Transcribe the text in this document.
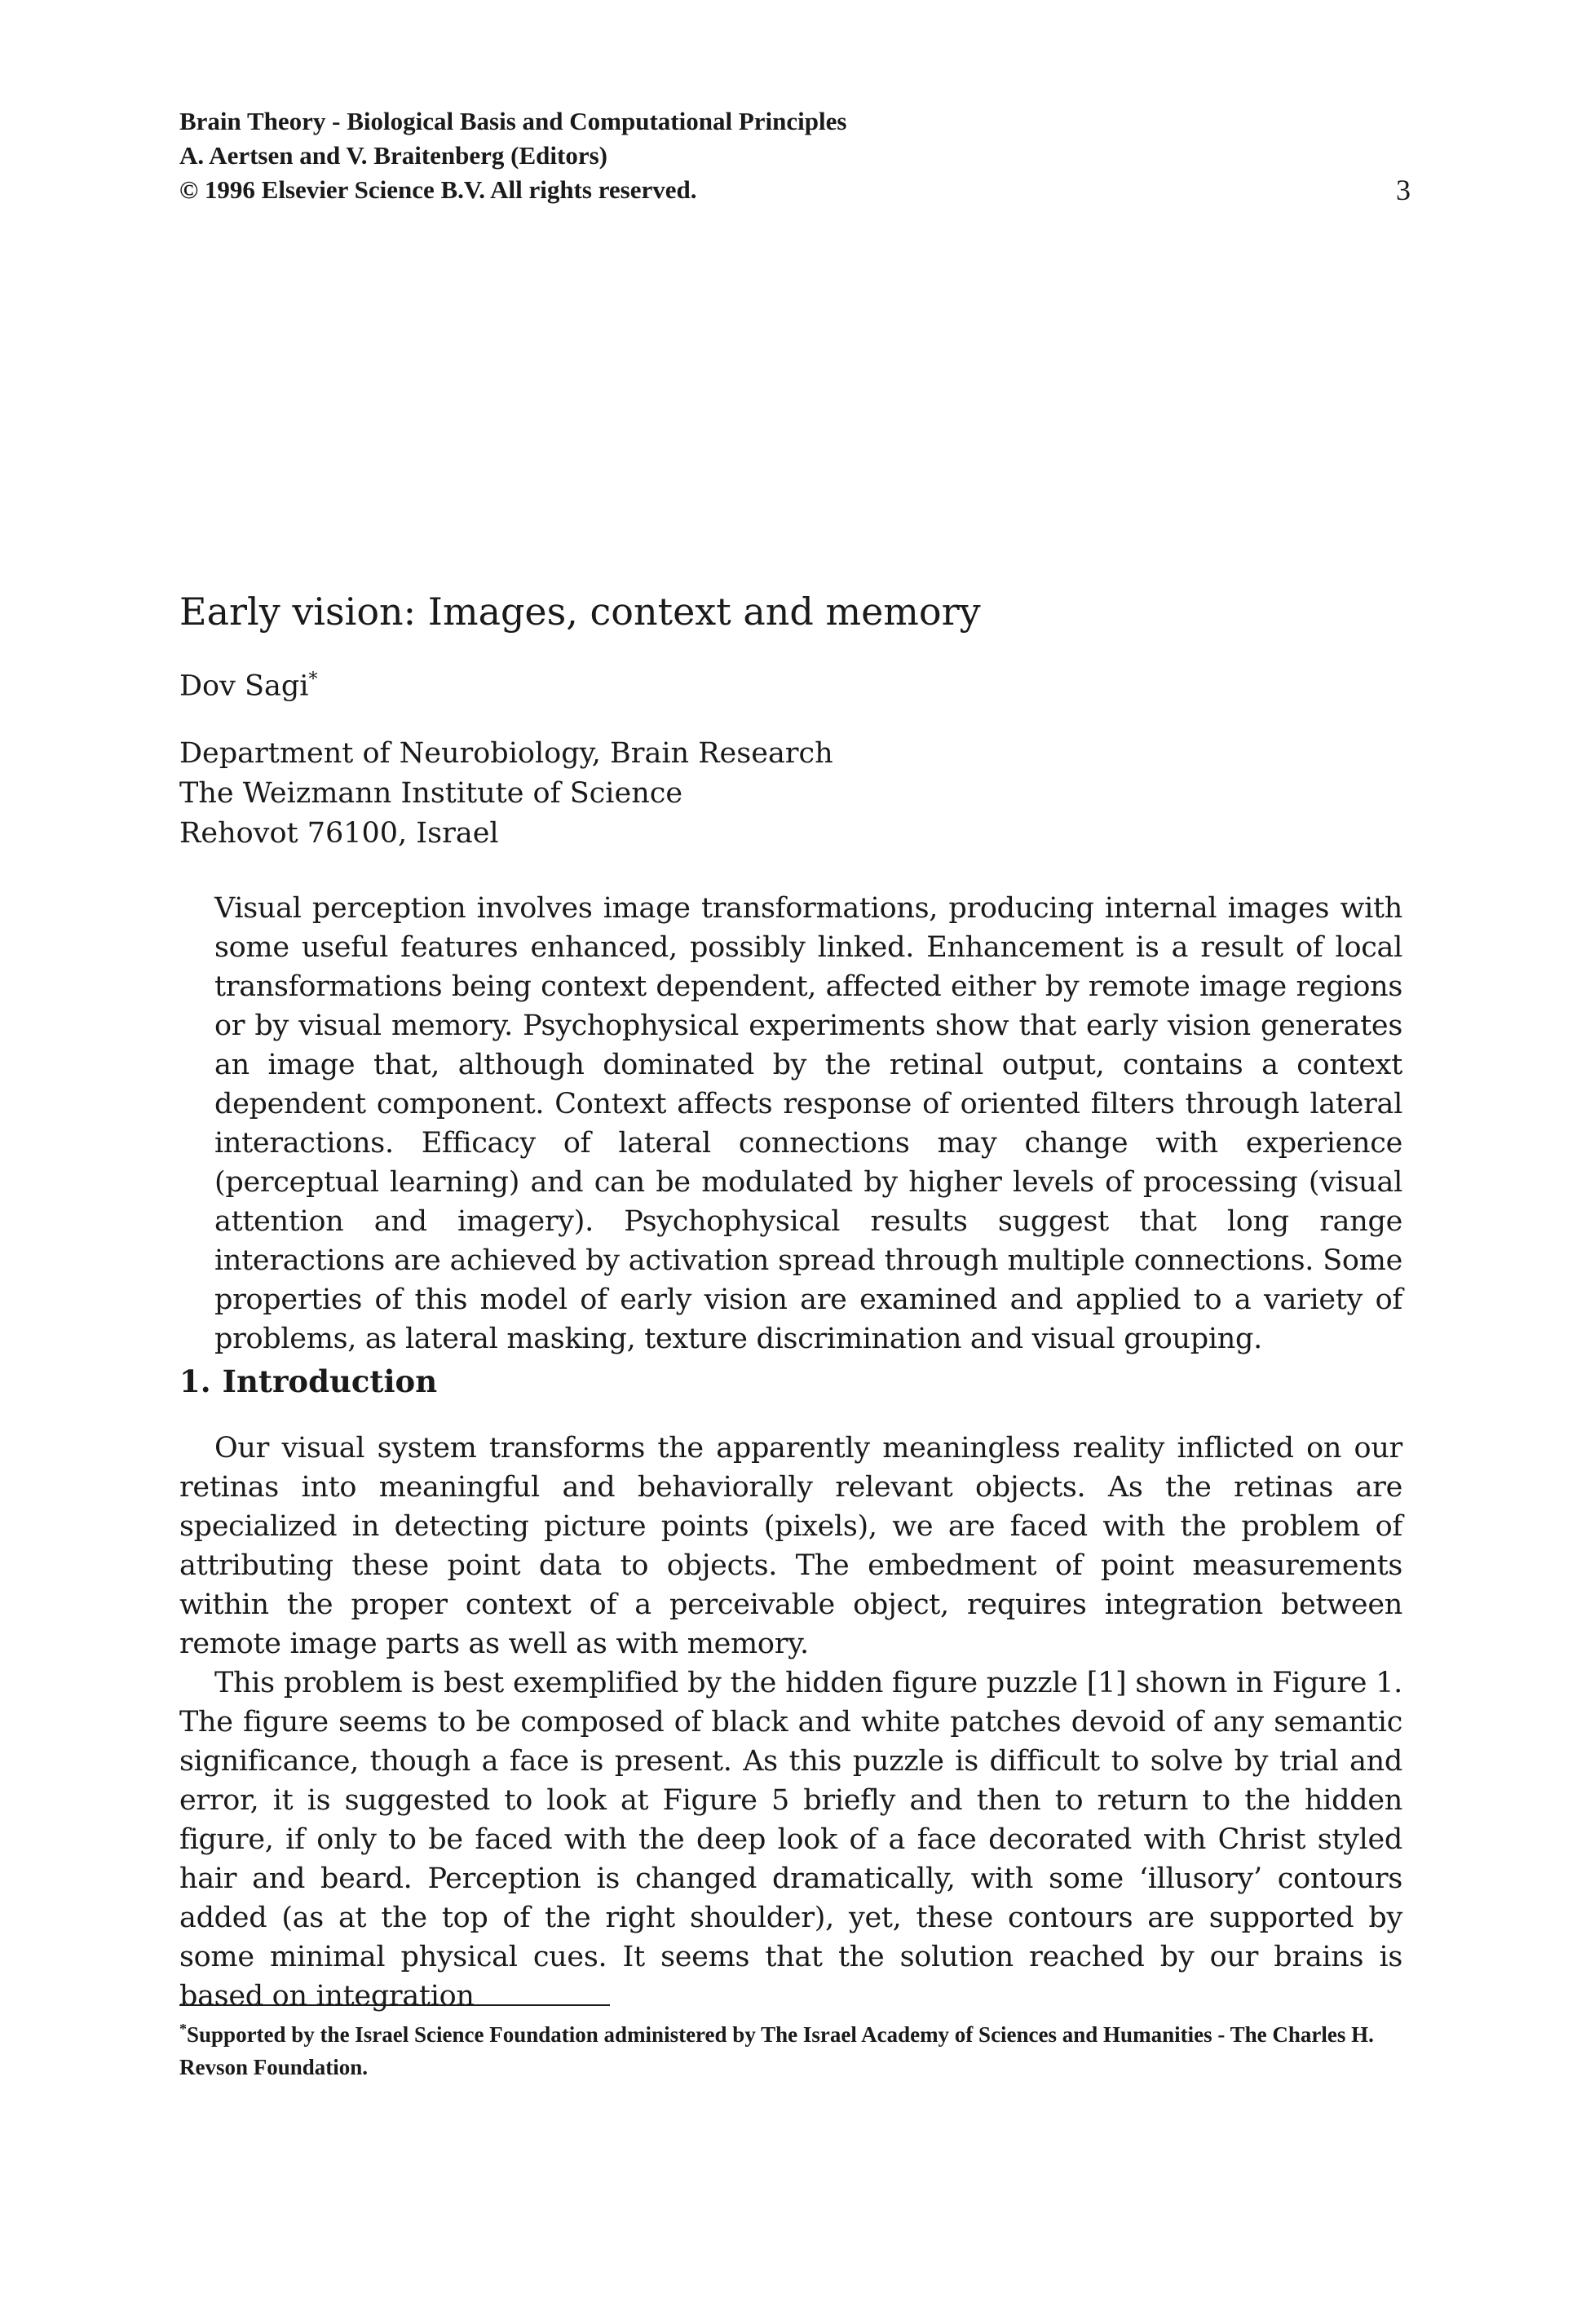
Brain Theory - Biological Basis and Computational Principles
A. Aertsen and V. Braitenberg (Editors)
© 1996 Elsevier Science B.V. All rights reserved.	3
Early vision: Images, context and memory
Dov Sagi*
Department of Neurobiology, Brain Research
The Weizmann Institute of Science
Rehovot 76100, Israel
Visual perception involves image transformations, producing internal images with some useful features enhanced, possibly linked. Enhancement is a result of local transformations being context dependent, affected either by remote image regions or by visual memory. Psychophysical experiments show that early vision generates an image that, although dominated by the retinal output, contains a context dependent component. Context affects response of oriented filters through lateral interactions. Efficacy of lateral connections may change with experience (perceptual learning) and can be modulated by higher levels of processing (visual attention and imagery). Psychophysical results suggest that long range interactions are achieved by activation spread through multiple connections. Some properties of this model of early vision are examined and applied to a variety of problems, as lateral masking, texture discrimination and visual grouping.
1. Introduction

Our visual system transforms the apparently meaningless reality inflicted on our retinas into meaningful and behaviorally relevant objects. As the retinas are specialized in detecting picture points (pixels), we are faced with the problem of attributing these point data to objects. The embedment of point measurements within the proper context of a perceivable object, requires integration between remote image parts as well as with memory.

This problem is best exemplified by the hidden figure puzzle [1] shown in Figure 1. The figure seems to be composed of black and white patches devoid of any semantic significance, though a face is present. As this puzzle is difficult to solve by trial and error, it is suggested to look at Figure 5 briefly and then to return to the hidden figure, if only to be faced with the deep look of a face decorated with Christ styled hair and beard. Perception is changed dramatically, with some ‘illusory’ contours added (as at the top of the right shoulder), yet, these contours are supported by some minimal physical cues. It seems that the solution reached by our brains is based on integration

*Supported by the Israel Science Foundation administered by The Israel Academy of Sciences and Humanities - The Charles H. Revson Foundation.
